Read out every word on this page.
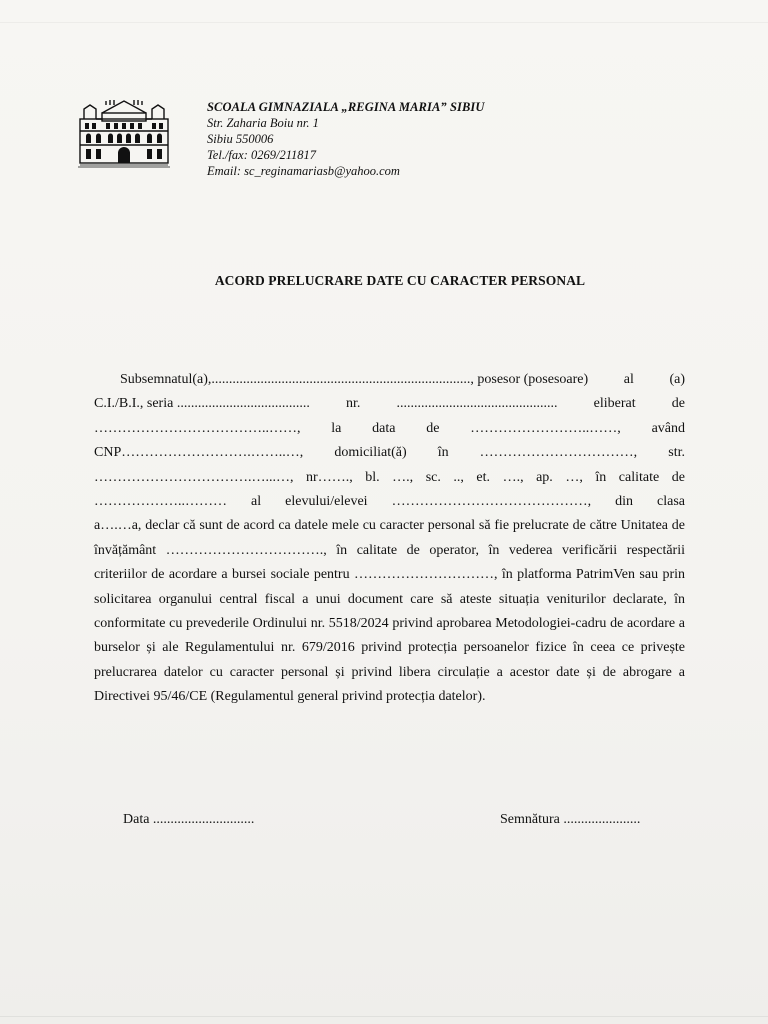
SCOALA GIMNAZIALA „REGINA MARIA” SIBIU
Str. Zaharia Boiu nr. 1
Sibiu 550006
Tel./fax: 0269/211817
Email: sc_reginamariasb@yahoo.com
ACORD PRELUCRARE DATE CU CARACTER PERSONAL
Subsemnatul(a),.........................................................................., posesor (posesoare)	al	(a)
C.I./B.I., seria ......................................	nr.	..............................................	eliberat	de
………………………………..……, la data de ……………………..……, având
CNP……………………….……..…, domiciliat(ă) în ……………………………, str.
…………………………….…...…, nr……., bl. …., sc. .., et. …., ap. …, în calitate de
………………..……… al elevului/elevei ……………………………………, din clasa

a….…a, declar că sunt de acord ca datele mele cu caracter personal să fie prelucrate de către Unitatea de învățământ ……………………………., în calitate de operator, în vederea verificării respectării criteriilor de acordare a bursei sociale pentru …………………………, în platforma PatrimVen sau prin solicitarea organului central fiscal a unui document care să ateste situația veniturilor declarate, în conformitate cu prevederile Ordinului nr. 5518/2024 privind aprobarea Metodologiei-cadru de acordare a burselor și ale Regulamentului nr. 679/2016 privind protecția persoanelor fizice în ceea ce privește prelucrarea datelor cu caracter personal și privind libera circulație a acestor date și de abrogare a Directivei 95/46/CE (Regulamentul general privind protecția datelor).

Data .............................	Semnătura ......................
